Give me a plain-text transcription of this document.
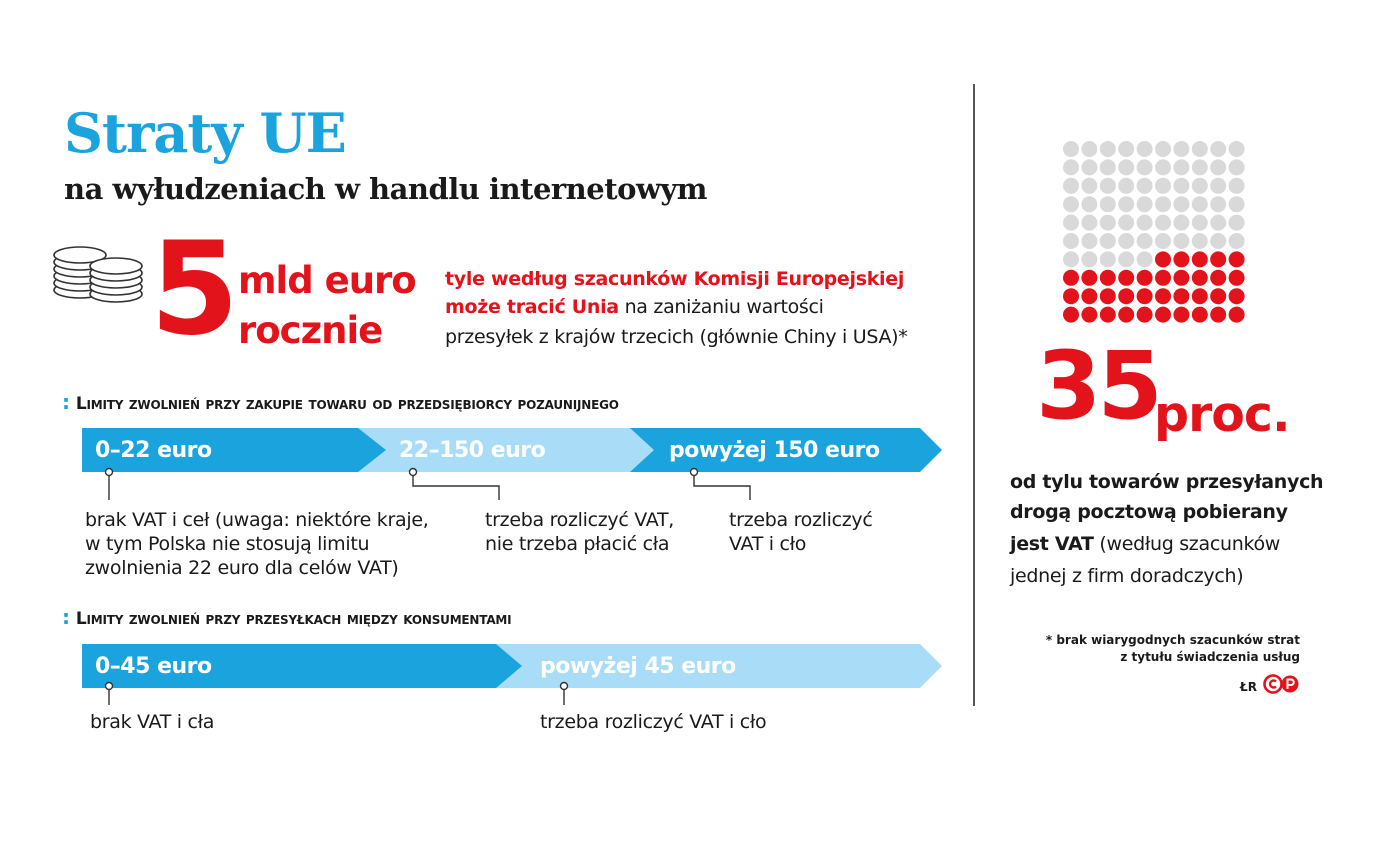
Straty UE
na wyłudzeniach w handlu internetowym
5 mld euro
rocznie
tyle według szacunków Komisji Europejskiej
może tracić Unia na zaniżaniu wartości
przesyłek z krajów trzecich (głównie Chiny i USA)*
: Limity zwolnień przy zakupie towaru od przedsiębiorcy pozaunijnego
0–22 euro	22–150 euro	powyżej 150 euro
: Limity zwolnień przy przesyłkach między konsumentami
0–45 euro	powyżej 45 euro
brak VAT i ceł (uwaga: niektóre kraje,
w tym Polska nie stosują limitu
zwolnienia 22 euro dla celów VAT)
trzeba rozliczyć VAT,
nie trzeba płacić cła
trzeba rozliczyć
VAT i cło
brak VAT i cła	trzeba rozliczyć VAT i cło
35
proc.
od tylu towarów przesyłanych
drogą pocztową pobierany
jest VAT (według szacunków
jednej z firm doradczych)
* brak wiarygodnych szacunków strat
z tytułu świadczenia usług
ŁR
